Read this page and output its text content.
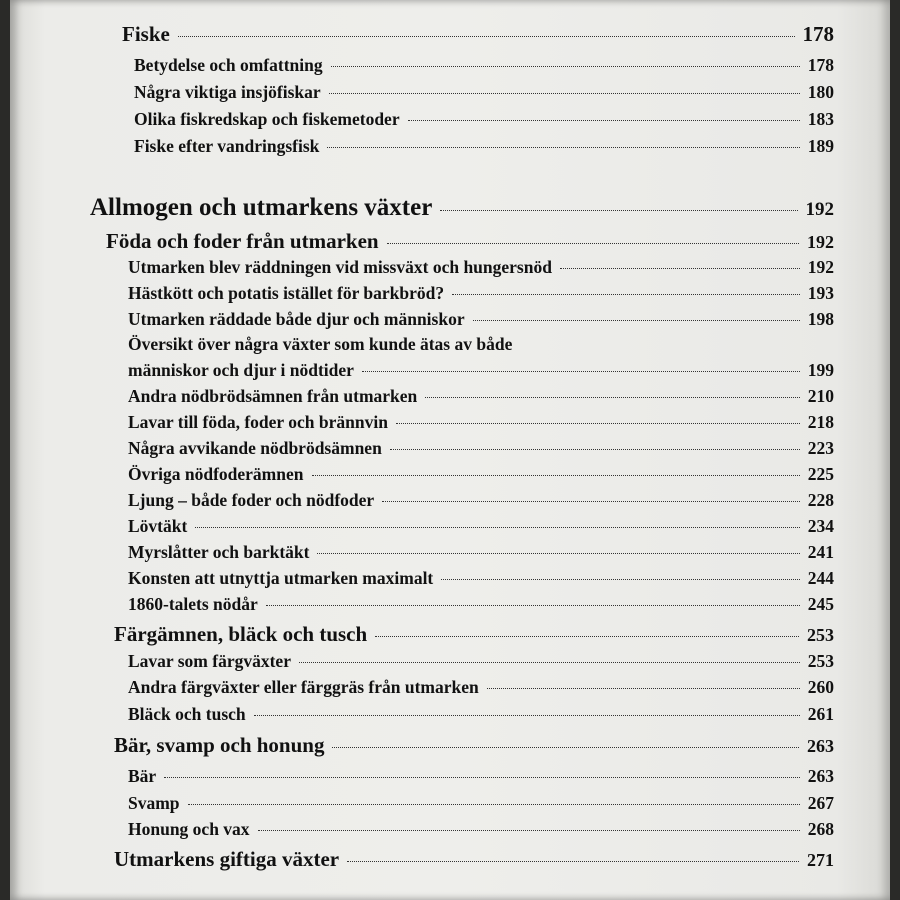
Fiske	178
Betydelse och omfattning	178
Några viktiga insjöfiskar	180
Olika fiskredskap och fiskemetoder	183
Fiske efter vandringsfisk	189
Allmogen och utmarkens växter	192
Föda och foder från utmarken	192
Utmarken blev räddningen vid missväxt och hungersnöd	192
Hästkött och potatis istället för barkbröd?	193
Utmarken räddade både djur och människor	198
Översikt över några växter som kunde ätas av både
människor och djur i nödtider	199
Andra nödbrödsämnen från utmarken	210
Lavar till föda, foder och brännvin	218
Några avvikande nödbrödsämnen	223
Övriga nödfoderämnen	225
Ljung – både foder och nödfoder	228
Lövtäkt	234
Myrslåtter och barktäkt	241
Konsten att utnyttja utmarken maximalt	244
1860-talets nödår	245
Färgämnen, bläck och tusch	253
Lavar som färgväxter	253
Andra färgväxter eller färggräs från utmarken	260
Bläck och tusch	261
Bär, svamp och honung	263
Bär	263
Svamp	267
Honung och vax	268
Utmarkens giftiga växter	271
